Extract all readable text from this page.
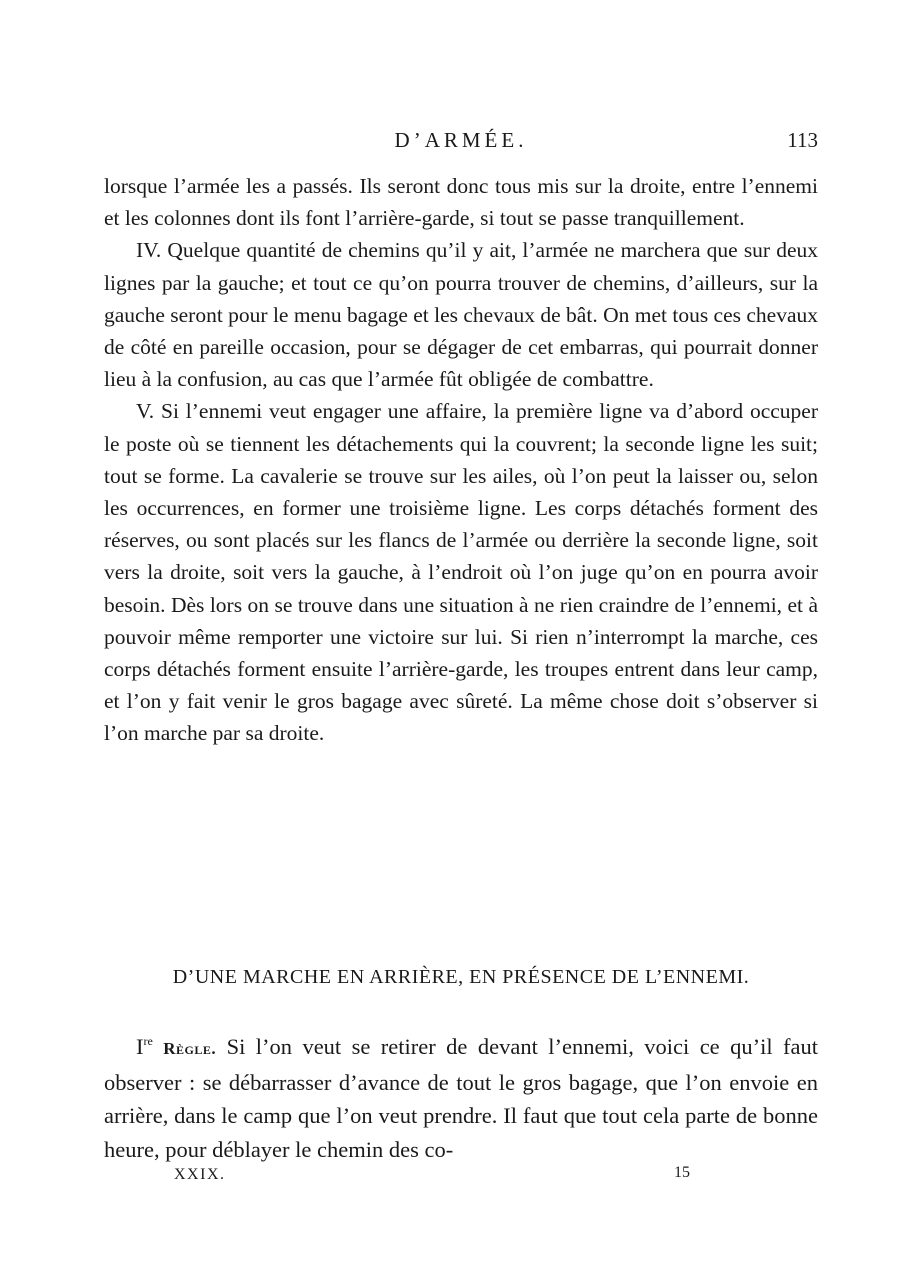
D’ARMÉE.	113

lorsque l’armée les a passés. Ils seront donc tous mis sur la droite, entre l’ennemi et les colonnes dont ils font l’arrière-garde, si tout se passe tranquillement.

IV. Quelque quantité de chemins qu’il y ait, l’armée ne marchera que sur deux lignes par la gauche; et tout ce qu’on pourra trouver de chemins, d’ailleurs, sur la gauche seront pour le menu bagage et les chevaux de bât. On met tous ces chevaux de côté en pareille occasion, pour se dégager de cet embarras, qui pourrait donner lieu à la confusion, au cas que l’armée fût obligée de combattre.

V. Si l’ennemi veut engager une affaire, la première ligne va d’abord occuper le poste où se tiennent les détachements qui la couvrent; la seconde ligne les suit; tout se forme. La cavalerie se trouve sur les ailes, où l’on peut la laisser ou, selon les occurrences, en former une troisième ligne. Les corps détachés forment des réserves, ou sont placés sur les flancs de l’armée ou derrière la seconde ligne, soit vers la droite, soit vers la gauche, à l’endroit où l’on juge qu’on en pourra avoir besoin. Dès lors on se trouve dans une situation à ne rien craindre de l’ennemi, et à pouvoir même remporter une victoire sur lui. Si rien n’interrompt la marche, ces corps détachés forment ensuite l’arrière-garde, les troupes entrent dans leur camp, et l’on y fait venir le gros bagage avec sûreté. La même chose doit s’observer si l’on marche par sa droite.

D’UNE MARCHE EN ARRIÈRE, EN PRÉSENCE DE L’ENNEMI.

Ire Règle. Si l’on veut se retirer de devant l’ennemi, voici ce qu’il faut observer : se débarrasser d’avance de tout le gros bagage, que l’on envoie en arrière, dans le camp que l’on veut prendre. Il faut que tout cela parte de bonne heure, pour déblayer le chemin des co-

XXIX.	15
